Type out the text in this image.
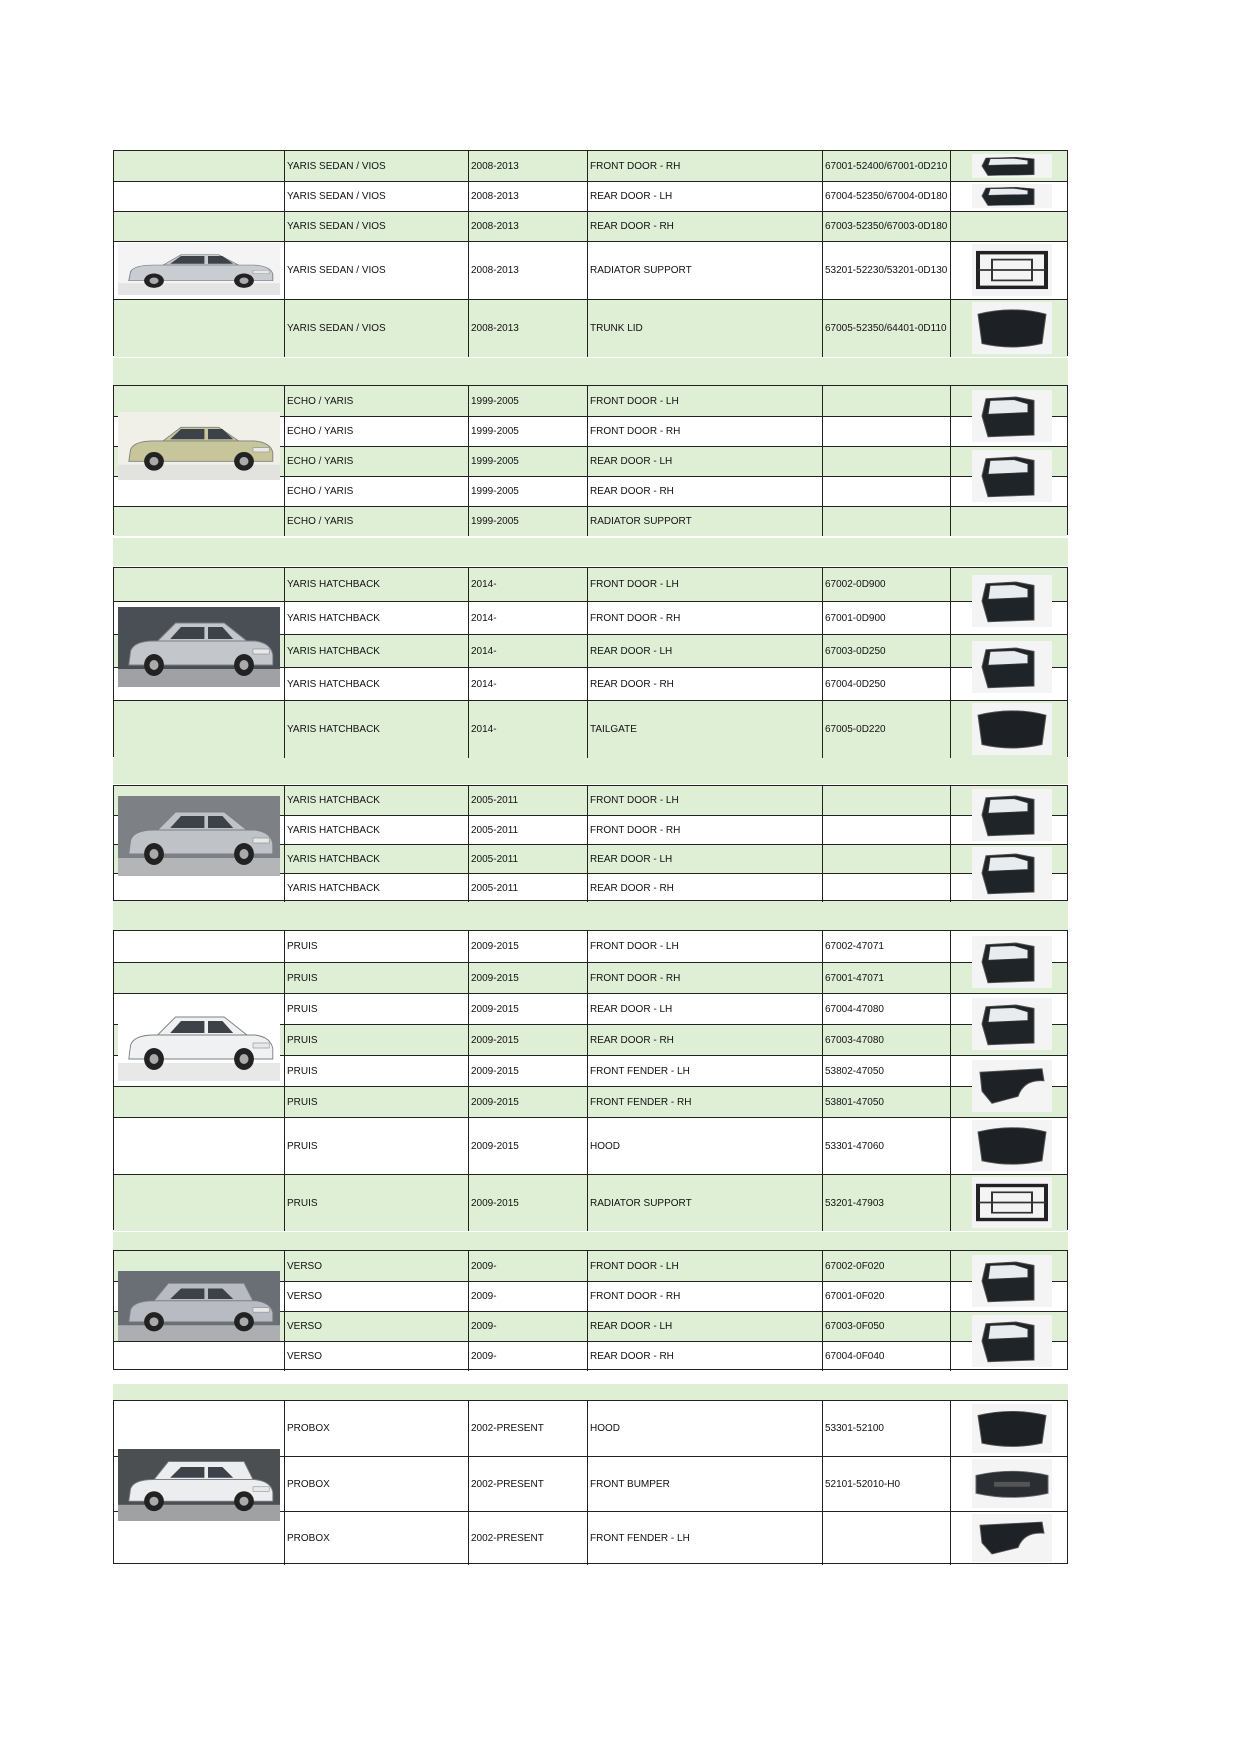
YARIS SEDAN / VIOS	2008-2013	FRONT DOOR - RH	67001-52400/67001-0D210
YARIS SEDAN / VIOS	2008-2013	REAR DOOR - LH	67004-52350/67004-0D180
YARIS SEDAN / VIOS	2008-2013	REAR DOOR - RH	67003-52350/67003-0D180
YARIS SEDAN / VIOS	2008-2013	RADIATOR SUPPORT	53201-52230/53201-0D130
YARIS SEDAN / VIOS	2008-2013	TRUNK LID	67005-52350/64401-0D110
ECHO / YARIS	1999-2005	FRONT DOOR - LH
ECHO / YARIS	1999-2005	FRONT DOOR - RH
ECHO / YARIS	1999-2005	REAR DOOR - LH
ECHO / YARIS	1999-2005	REAR DOOR - RH
ECHO / YARIS	1999-2005	RADIATOR SUPPORT
YARIS HATCHBACK	2014-	FRONT DOOR - LH	67002-0D900
YARIS HATCHBACK	2014-	FRONT DOOR - RH	67001-0D900
YARIS HATCHBACK	2014-	REAR DOOR - LH	67003-0D250
YARIS HATCHBACK	2014-	REAR DOOR - RH	67004-0D250
YARIS HATCHBACK	2014-	TAILGATE	67005-0D220
YARIS HATCHBACK	2005-2011	FRONT DOOR - LH
YARIS HATCHBACK	2005-2011	FRONT DOOR - RH
YARIS HATCHBACK	2005-2011	REAR DOOR - LH
YARIS HATCHBACK	2005-2011	REAR DOOR - RH
PRUIS	2009-2015	FRONT DOOR - LH	67002-47071
PRUIS	2009-2015	FRONT DOOR - RH	67001-47071
PRUIS	2009-2015	REAR DOOR - LH	67004-47080
PRUIS	2009-2015	REAR DOOR - RH	67003-47080
PRUIS	2009-2015	FRONT FENDER - LH	53802-47050
PRUIS	2009-2015	FRONT FENDER - RH	53801-47050
PRUIS	2009-2015	HOOD	53301-47060
PRUIS	2009-2015	RADIATOR SUPPORT	53201-47903
VERSO	2009-	FRONT DOOR - LH	67002-0F020
VERSO	2009-	FRONT DOOR - RH	67001-0F020
VERSO	2009-	REAR DOOR - LH	67003-0F050
VERSO	2009-	REAR DOOR - RH	67004-0F040
PROBOX	2002-PRESENT	HOOD	53301-52100
PROBOX	2002-PRESENT	FRONT BUMPER	52101-52010-H0
PROBOX	2002-PRESENT	FRONT FENDER - LH
